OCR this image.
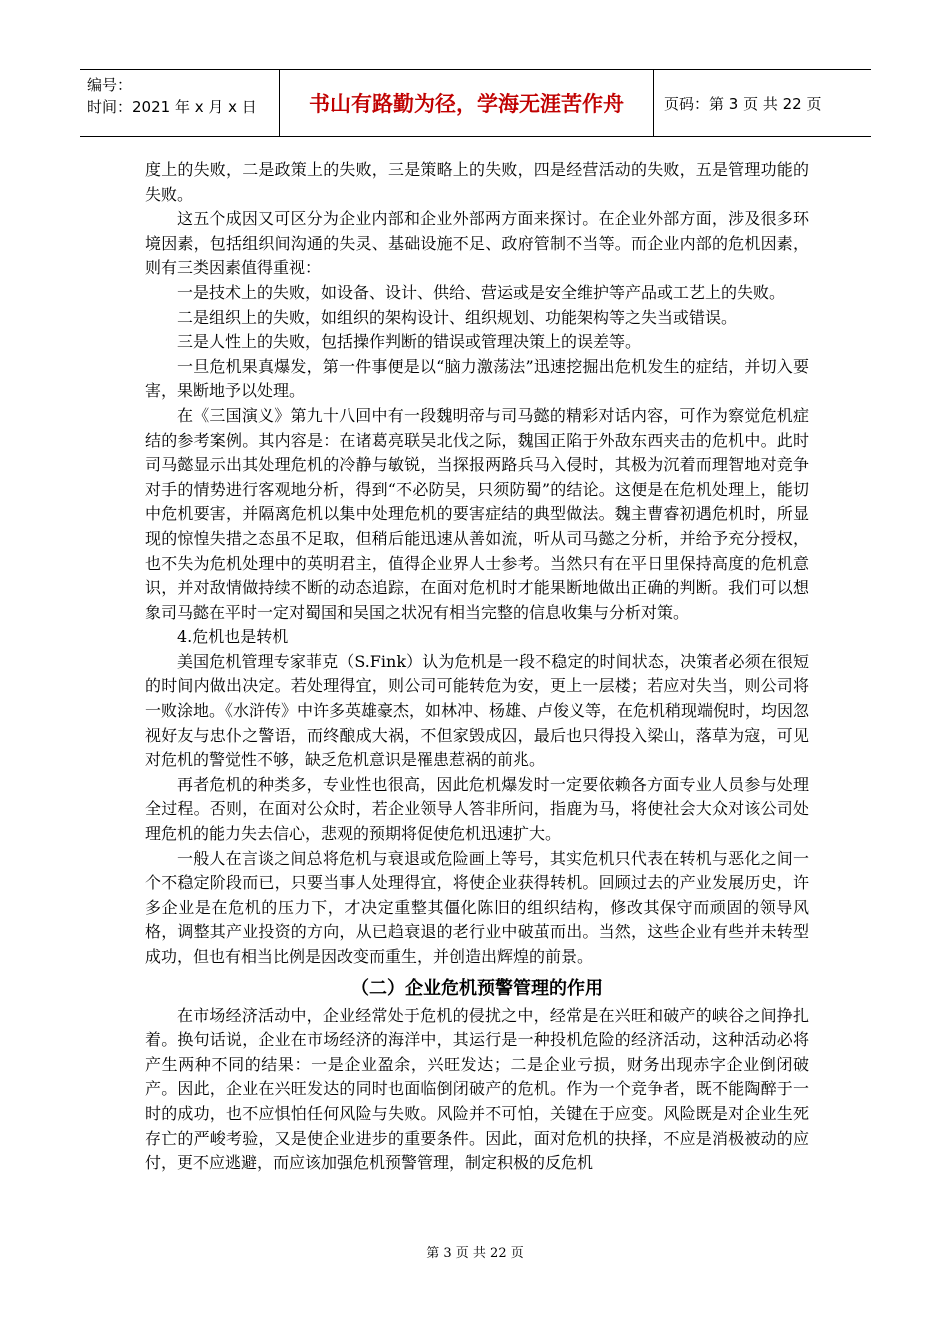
编号：
时间：2021 年 x 月 x 日	书山有路勤为径，学海无涯苦作舟	页码：第 3 页 共 22 页

度上的失败，二是政策上的失败，三是策略上的失败，四是经营活动的失败，五是管理功能的失败。

这五个成因又可区分为企业内部和企业外部两方面来探讨。在企业外部方面，涉及很多环境因素，包括组织间沟通的失灵、基础设施不足、政府管制不当等。而企业内部的危机因素，则有三类因素值得重视：

一是技术上的失败，如设备、设计、供给、营运或是安全维护等产品或工艺上的失败。

二是组织上的失败，如组织的架构设计、组织规划、功能架构等之失当或错误。

三是人性上的失败，包括操作判断的错误或管理决策上的误差等。

一旦危机果真爆发，第一件事便是以“脑力激荡法”迅速挖掘出危机发生的症结，并切入要害，果断地予以处理。

在《三国演义》第九十八回中有一段魏明帝与司马懿的精彩对话内容，可作为察觉危机症结的参考案例。其内容是：在诸葛亮联吴北伐之际，魏国正陷于外敌东西夹击的危机中。此时司马懿显示出其处理危机的冷静与敏锐，当探报两路兵马入侵时，其极为沉着而理智地对竞争对手的情势进行客观地分析，得到“不必防吴，只须防蜀”的结论。这便是在危机处理上，能切中危机要害，并隔离危机以集中处理危机的要害症结的典型做法。魏主曹睿初遇危机时，所显现的惊惶失措之态虽不足取，但稍后能迅速从善如流，听从司马懿之分析，并给予充分授权，也不失为危机处理中的英明君主，值得企业界人士参考。当然只有在平日里保持高度的危机意识，并对敌情做持续不断的动态追踪，在面对危机时才能果断地做出正确的判断。我们可以想象司马懿在平时一定对蜀国和吴国之状况有相当完整的信息收集与分析对策。

4.危机也是转机

美国危机管理专家菲克（S.Fink）认为危机是一段不稳定的时间状态，决策者必须在很短的时间内做出决定。若处理得宜，则公司可能转危为安，更上一层楼；若应对失当，则公司将一败涂地。《水浒传》中许多英雄豪杰，如林冲、杨雄、卢俊义等，在危机稍现端倪时，均因忽视好友与忠仆之警语，而终酿成大祸，不但家毁成囚，最后也只得投入梁山，落草为寇，可见对危机的警觉性不够，缺乏危机意识是罹患惹祸的前兆。

再者危机的种类多，专业性也很高，因此危机爆发时一定要依赖各方面专业人员参与处理全过程。否则，在面对公众时，若企业领导人答非所问，指鹿为马，将使社会大众对该公司处理危机的能力失去信心，悲观的预期将促使危机迅速扩大。

一般人在言谈之间总将危机与衰退或危险画上等号，其实危机只代表在转机与恶化之间一个不稳定阶段而已，只要当事人处理得宜，将使企业获得转机。回顾过去的产业发展历史，许多企业是在危机的压力下，才决定重整其僵化陈旧的组织结构，修改其保守而顽固的领导风格，调整其产业投资的方向，从已趋衰退的老行业中破茧而出。当然，这些企业有些并未转型成功，但也有相当比例是因改变而重生，并创造出辉煌的前景。

（二）企业危机预警管理的作用

在市场经济活动中，企业经常处于危机的侵扰之中，经常是在兴旺和破产的峡谷之间挣扎着。换句话说，企业在市场经济的海洋中，其运行是一种投机危险的经济活动，这种活动必将产生两种不同的结果：一是企业盈余，兴旺发达；二是企业亏损，财务出现赤字企业倒闭破产。因此，企业在兴旺发达的同时也面临倒闭破产的危机。作为一个竞争者，既不能陶醉于一时的成功，也不应惧怕任何风险与失败。风险并不可怕，关键在于应变。风险既是对企业生死存亡的严峻考验，又是使企业进步的重要条件。因此，面对危机的抉择，不应是消极被动的应付，更不应逃避，而应该加强危机预警管理，制定积极的反危机

第 3 页 共 22 页
